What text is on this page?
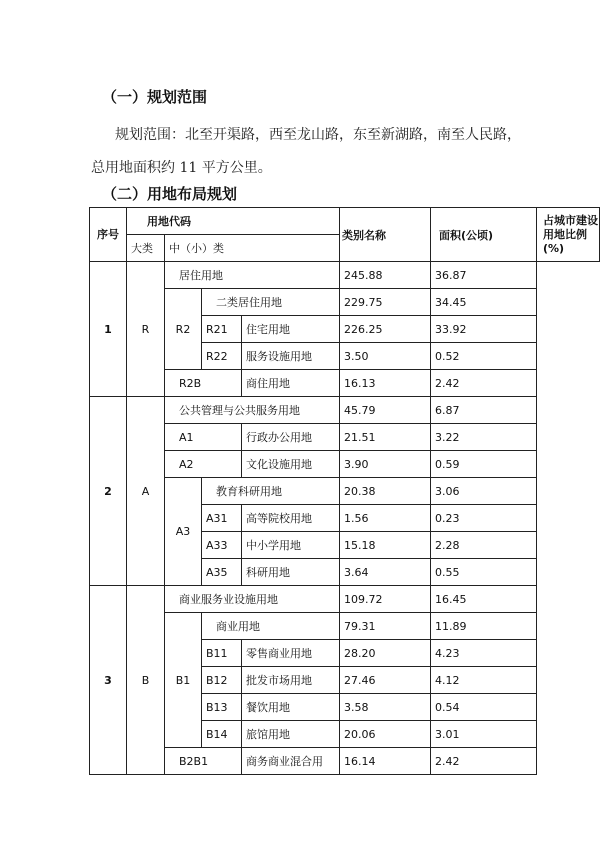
（一）规划范围
规划范围：北至开渠路，西至龙山路，东至新湖路，南至人民路，
总用地面积约 11 平方公里。
（二）用地布局规划
序号	用地代码				类别名称	面积(公顷)	占城市建设用地比例(%)
	大类	中（小）类					
1	R	居住用地			245.88	36.87	
		R2	二类居住用地		229.75	34.45	
			R21	住宅用地	226.25	33.92	
			R22	服务设施用地	3.50	0.52	
		R2B		商住用地	16.13	2.42	
2	A	公共管理与公共服务用地			45.79	6.87	
		A1		行政办公用地	21.51	3.22	
		A2		文化设施用地	3.90	0.59	
		A3	教育科研用地		20.38	3.06	
			A31	高等院校用地	1.56	0.23	
			A33	中小学用地	15.18	2.28	
			A35	科研用地	3.64	0.55	
3	B	商业服务业设施用地			109.72	16.45	
		B1	商业用地		79.31	11.89	
			B11	零售商业用地	28.20	4.23	
			B12	批发市场用地	27.46	4.12	
			B13	餐饮用地	3.58	0.54	
			B14	旅馆用地	20.06	3.01	
		B2B1		商务商业混合用	16.14	2.42	
